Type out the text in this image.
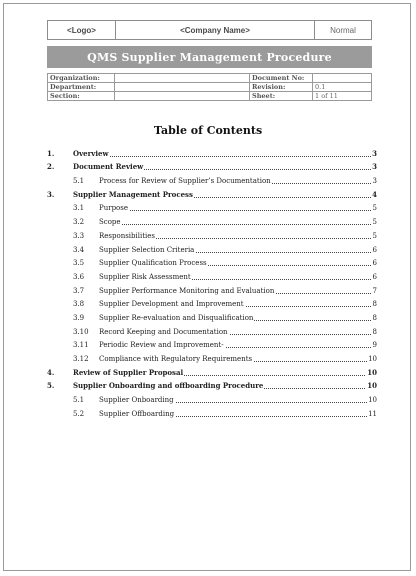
<Logo>	<Company Name>	Normal
QMS Supplier Management Procedure
Organization:		Document No:	
Department:		Revision:	0.1
Section:		Sheet:	1 of 11
Table of Contents
1.	Overview	3
2.	Document Review	3
5.1 Process for Review of Supplier’s Documentation	3
3.	Supplier Management Process	4
3.1 Purpose	5
3.2 Scope	5
3.3 Responsibilities	5
3.4 Supplier Selection Criteria	6
3.5 Supplier Qualification Process	6
3.6 Supplier Risk Assessment	6
3.7 Supplier Performance Monitoring and Evaluation	7
3.8 Supplier Development and Improvement	8
3.9 Supplier Re-evaluation and Disqualification	8
3.10 Record Keeping and Documentation	8
3.11 Periodic Review and Improvement-	9
3.12 Compliance with Regulatory Requirements	10
4.	Review of Supplier Proposal	10
5.	Supplier Onboarding and offboarding Procedure	10
5.1 Supplier Onboarding	10
5.2 Supplier Offboarding	11
